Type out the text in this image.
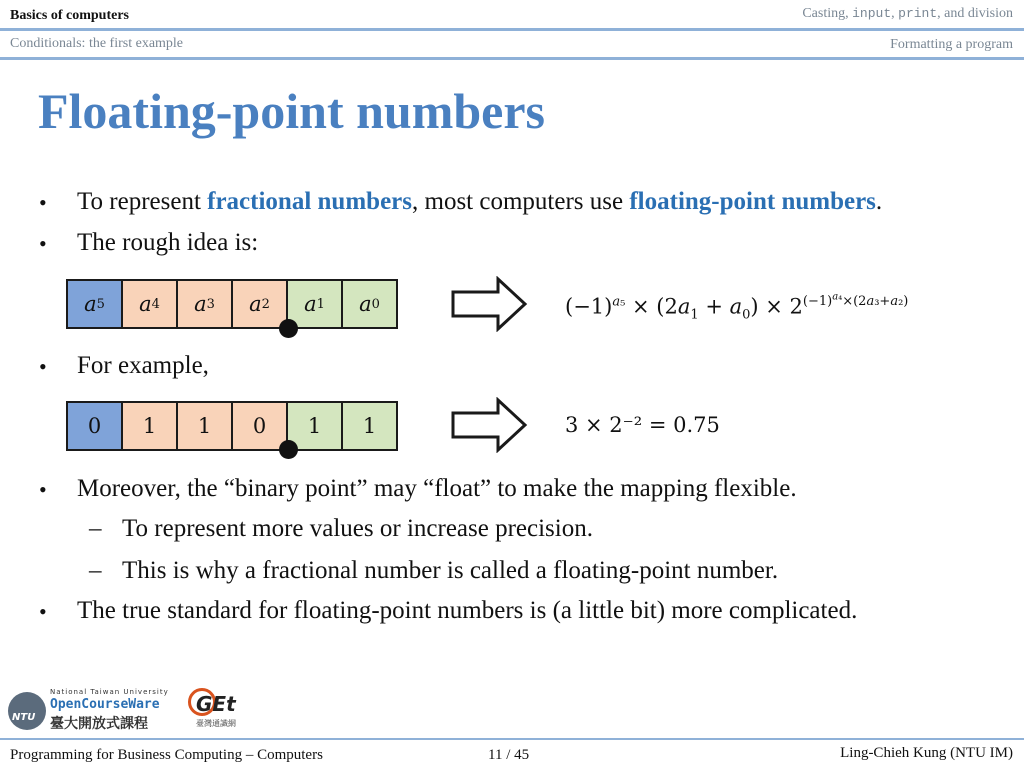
Basics of computers	Casting, input, print, and division
Conditionals: the first example	Formatting a program
Floating-point numbers
• To represent fractional numbers, most computers use floating-point numbers.
• The rough idea is:
a 5 a 4 a 3 a 2 a 1 a 0	$(-1)^{a_5} \times (2a_1 + a_0) \times 2^{(-1)^{a_4}\times(2a_3+a_2)}$
• For example,
0	1	1	0	1	1	3 × 2⁻² = 0.75
• Moreover, the “binary point” may “float” to make the mapping flexible.
– To represent more values or increase precision.
– This is why a fractional number is called a floating-point number.
• The true standard for floating-point numbers is (a little bit) more complicated.
NTU
National Taiwan University
OpenCourseWare
臺大開放式課程
GEt
臺灣通識網
Programming for Business Computing – Computers	11 / 45	Ling-Chieh Kung (NTU IM)
